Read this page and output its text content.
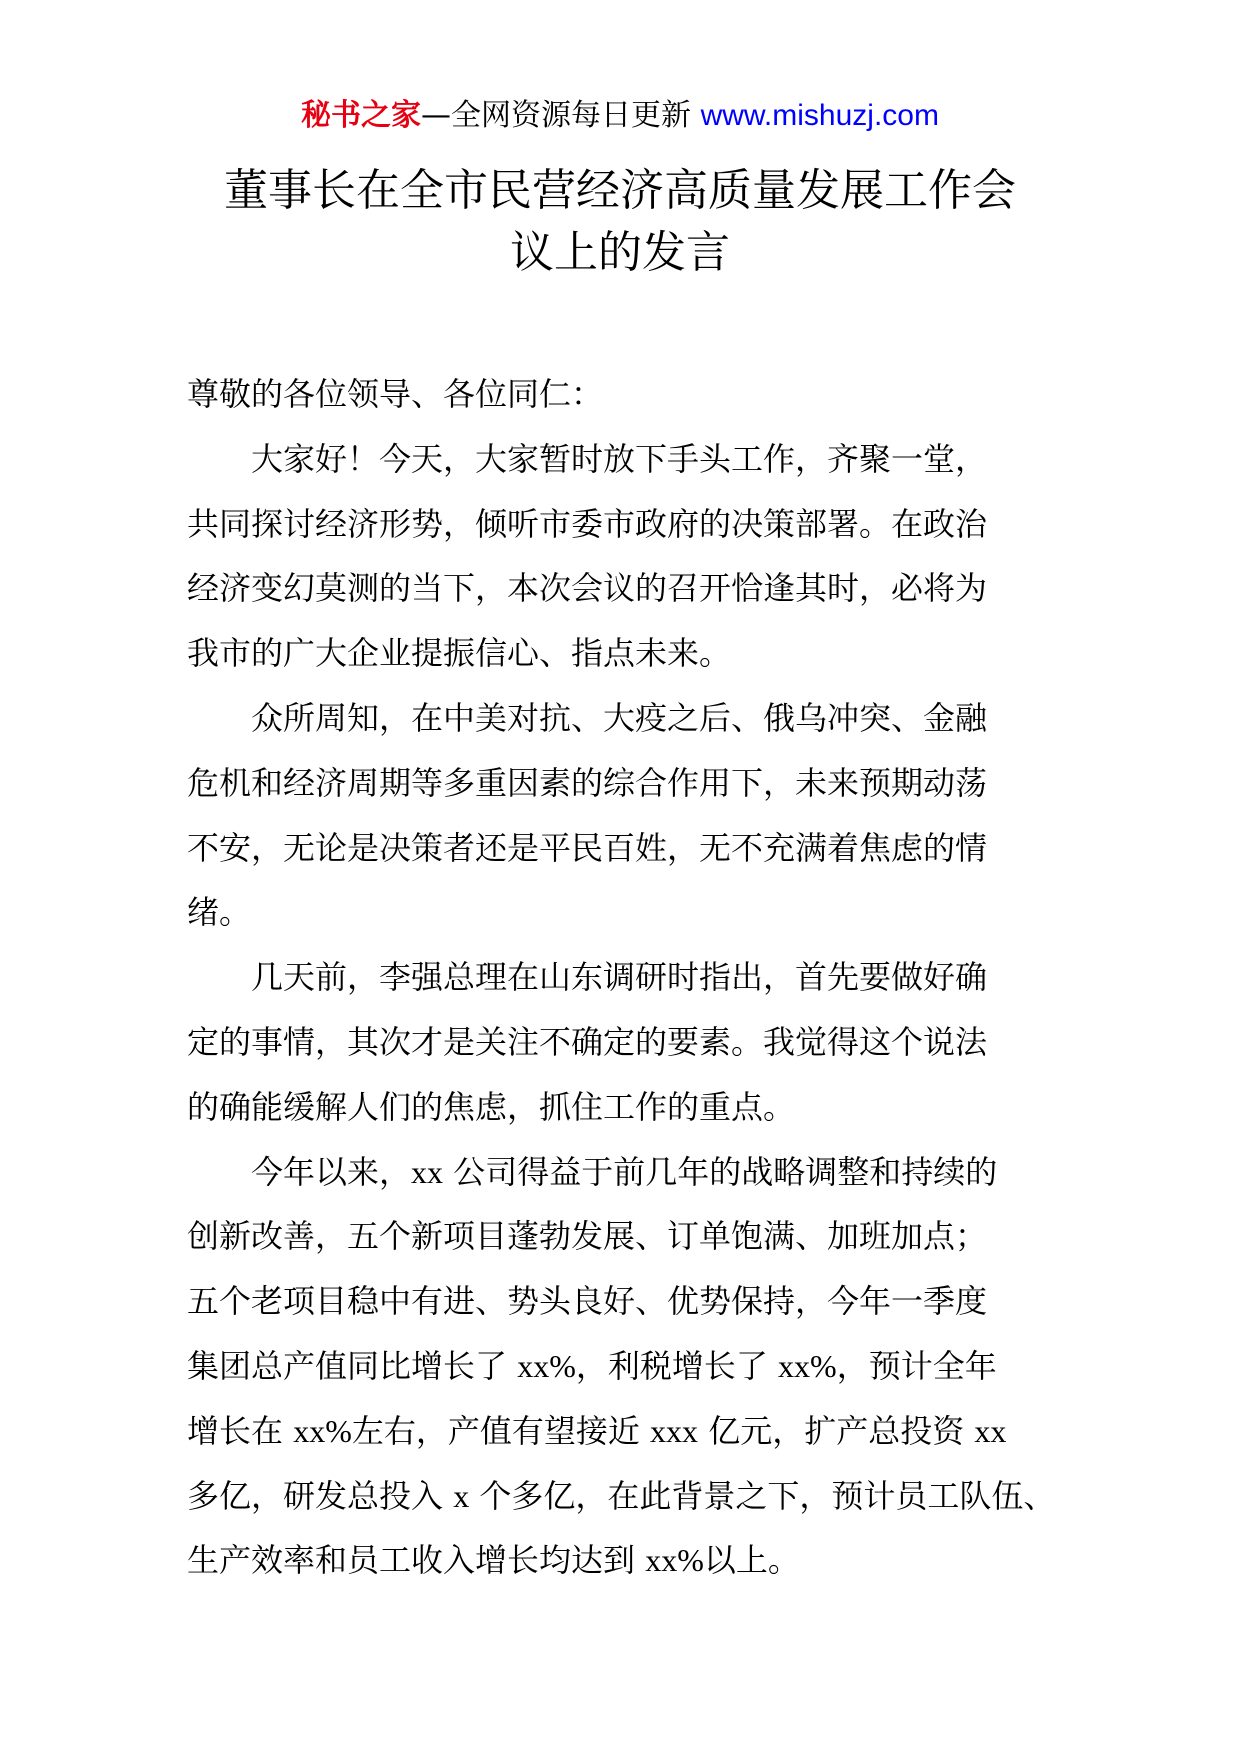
秘书之家—全网资源每日更新 www.mishuzj.com
董事长在全市民营经济高质量发展工作会
议上的发言
尊敬的各位领导、各位同仁：
大家好！今天，大家暂时放下手头工作，齐聚一堂，
共同探讨经济形势，倾听市委市政府的决策部署。在政治
经济变幻莫测的当下，本次会议的召开恰逢其时，必将为
我市的广大企业提振信心、指点未来。
众所周知，在中美对抗、大疫之后、俄乌冲突、金融
危机和经济周期等多重因素的综合作用下，未来预期动荡
不安，无论是决策者还是平民百姓，无不充满着焦虑的情
绪。
几天前，李强总理在山东调研时指出，首先要做好确
定的事情，其次才是关注不确定的要素。我觉得这个说法
的确能缓解人们的焦虑，抓住工作的重点。
今年以来，xx 公司得益于前几年的战略调整和持续的
创新改善，五个新项目蓬勃发展、订单饱满、加班加点；
五个老项目稳中有进、势头良好、优势保持，今年一季度
集团总产值同比增长了 xx%，利税增长了 xx%，预计全年
增长在 xx%左右，产值有望接近 xxx 亿元，扩产总投资 xx
多亿，研发总投入 x 个多亿，在此背景之下，预计员工队伍、
生产效率和员工收入增长均达到 xx%以上。
